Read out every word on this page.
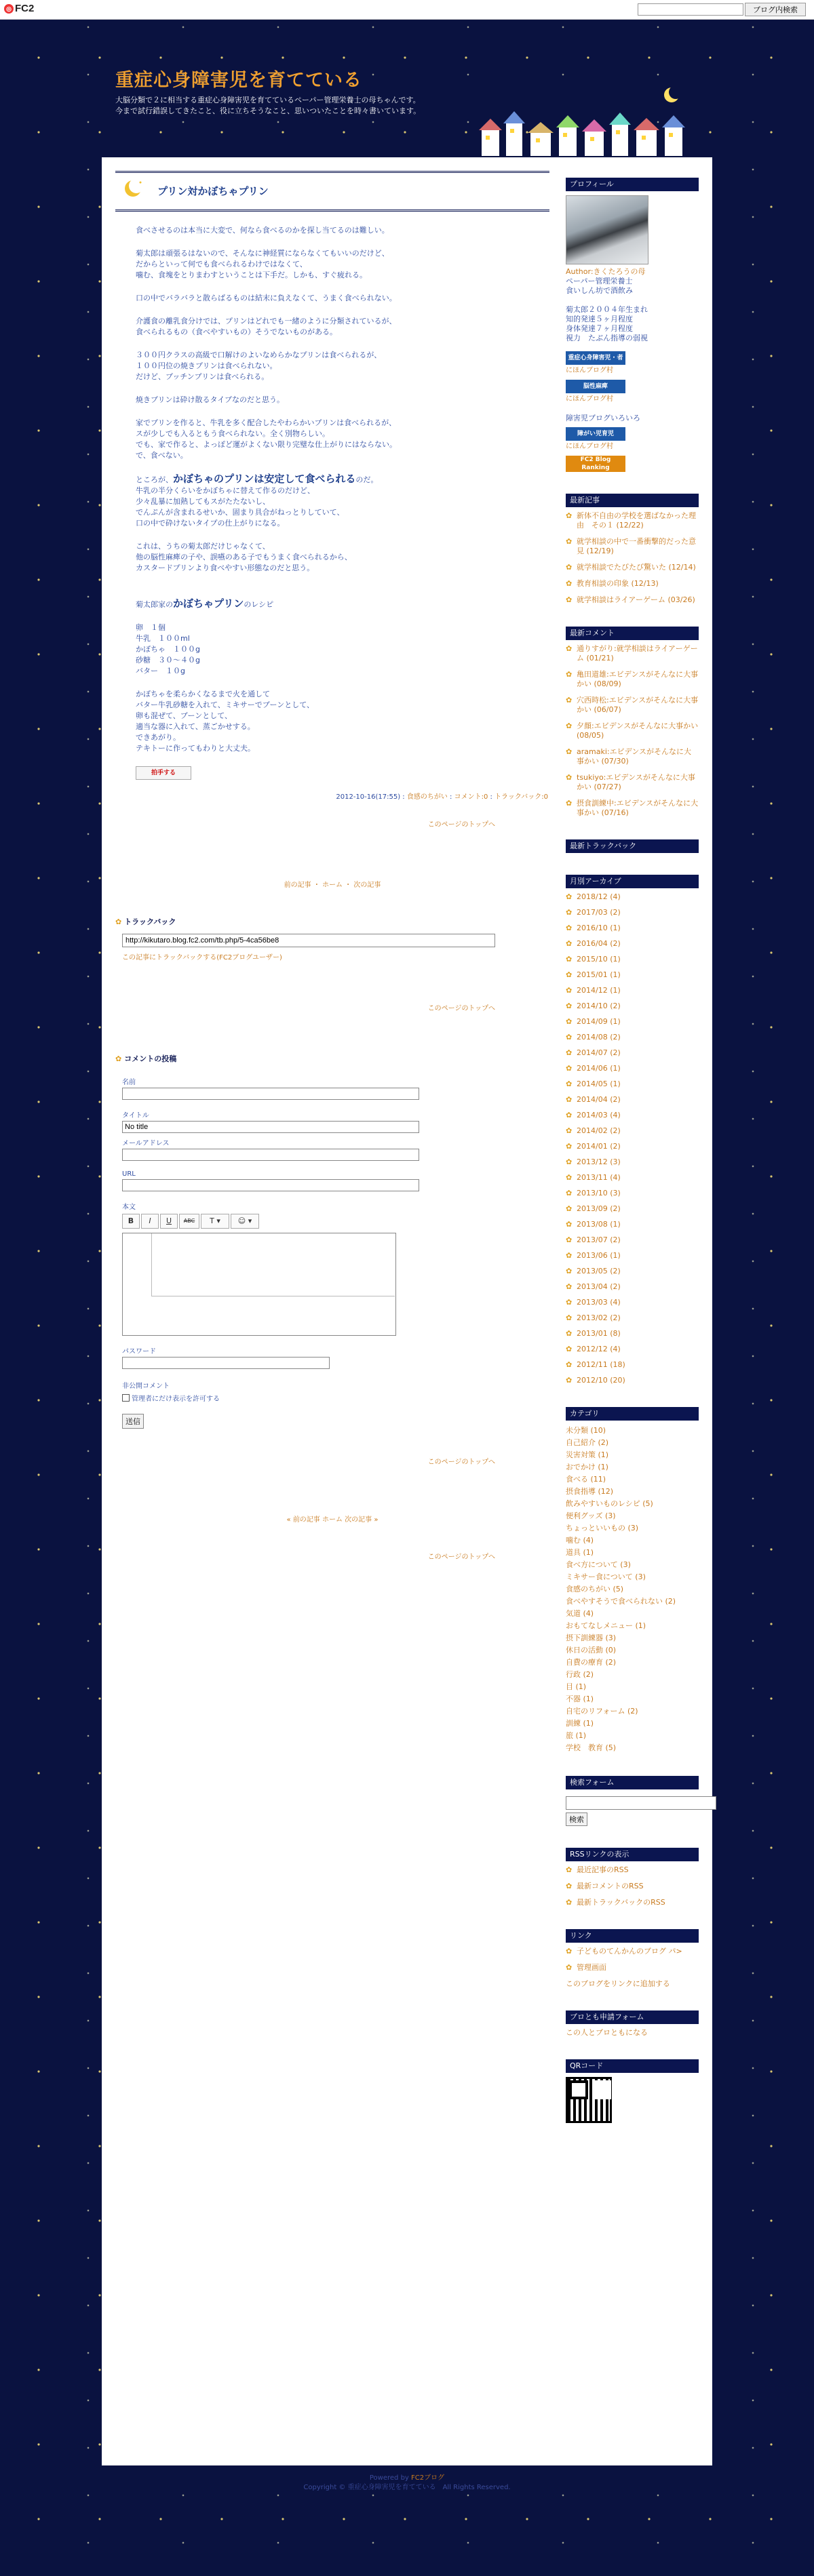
◎ FC2	ブログ内検索
重症心身障害児を育てている
大脳分類で２に相当する重症心身障害児を育てているペーパー管理栄養士の母ちゃんです。
今まで試行錯誤してきたこと、役に立ちそうなこと、思いついたことを時々書いています。
プリン対かぼちゃプリン

食べさせるのは本当に大変で、何なら食べるのかを探し当てるのは難しい。

菊太郎は頑張るはないので、そんなに神経質にならなくてもいいのだけど、
だからといって何でも食べられるわけではなくて、
噛む、食塊をとりまわすということは下手だ。しかも、すぐ疲れる。

口の中でバラバラと散らばるものは結末に負えなくて、うまく食べられない。

介護食の離乳食分けでは、プリンはどれでも一緒のように分類されているが、
食べられるもの（食べやすいもの）そうでないものがある。

３００円クラスの高級で口解けのよいなめらかなプリンは食べられるが、
１００円位の焼きプリンは食べられない。
だけど、プッチンプリンは食べられる。

焼きプリンは砕け散るタイプなのだと思う。

家でプリンを作ると、牛乳を多く配合したやわらかいプリンは食べられるが、
スが少しでも入るともう食べられない。全く別物らしい。
でも、家で作ると、よっぽど運がよくない限り完璧な仕上がりにはならない。
で、食べない。

ところが、かぼちゃのプリンは安定して食べられるのだ。
牛乳の半分くらいをかぼちゃに替えて作るのだけど、
少々乱暴に加熱してもスがたたないし、
でんぷんが含まれるせいか、固まり具合がねっとりしていて、
口の中で砕けないタイプの仕上がりになる。

これは、うちの菊太郎だけじゃなくて、
他の脳性麻痺の子や、誤嚥のある子でもうまく食べられるから、
カスタードプリンより食べやすい形態なのだと思う。

菊太郎家のかぼちゃプリンのレシピ

卵　１個
牛乳　１００ml
かぼちゃ　１００g
砂糖　３０～４０g
バター　１０g

かぼちゃを柔らかくなるまで火を通して
バター牛乳砂糖を入れて、ミキサーでブーンとして、
卵も混ぜて、ブーンとして、
適当な器に入れて、蒸ごかせする。
できあがり。
テキトーに作ってもわりと大丈夫。

拍手する
2012-10-16(17:55) : 食感のちがい : コメント:0 : トラックバック:0
このページのトップへ
前の記事 ・ ホーム ・ 次の記事
✿ トラックバック
http://kikutaro.blog.fc2.com/tb.php/5-4ca56be8
この記事にトラックバックする(FC2ブログユーザー)
このページのトップへ
✿ コメントの投稿
名前
タイトル
No title
メールアドレス
URL
本文
B I U ABC T ▾ ☺ ▾
パスワード
非公開コメント
管理者にだけ表示を許可する
送信
このページのトップへ
« 前の記事 ホーム 次の記事 »
このページのトップへ
プロフィール
Author:きくたろうの母
ペーパー管理栄養士
食いしん坊で酒飲み
菊太郎２００４年生まれ
知的発達５ヶ月程度
身体発達７ヶ月程度
視力　たぶん指導の弱視
重症心身障害児・者
にほんブログ村
脳性麻痺
にほんブログ村
障害児ブログいろいろ
障がい児育児
にほんブログ村
FC2 Blog Ranking
最新記事
✿ 新体不自由の学校を選ばなかった理由　その１ (12/22)
✿ 就学相談の中で一番衝撃的だった意見 (12/19)
✿ 就学相談でたびたび驚いた (12/14)
✿ 教育相談の印象 (12/13)
✿ 就学相談はライアーゲーム (03/26)
最新コメント
✿ 通りすがり:就学相談はライアーゲーム (01/21)
✿ 亀田道雄:エビデンスがそんなに大事かい (08/09)
✿ 穴西時松:エビデンスがそんなに大事かい (06/07)
✿ 夕顔:エビデンスがそんなに大事かい (08/05)
✿ aramaki:エビデンスがそんなに大事かい (07/30)
✿ tsukiyo:エビデンスがそんなに大事かい (07/27)
✿ 摂食訓練中:エビデンスがそんなに大事かい (07/16)
最新トラックバック
月別アーカイブ
✿ 2018/12 (4)
✿ 2017/03 (2)
✿ 2016/10 (1)
✿ 2016/04 (2)
✿ 2015/10 (1)
✿ 2015/01 (1)
✿ 2014/12 (1)
✿ 2014/10 (2)
✿ 2014/09 (1)
✿ 2014/08 (2)
✿ 2014/07 (2)
✿ 2014/06 (1)
✿ 2014/05 (1)
✿ 2014/04 (2)
✿ 2014/03 (4)
✿ 2014/02 (2)
✿ 2014/01 (2)
✿ 2013/12 (3)
✿ 2013/11 (4)
✿ 2013/10 (3)
✿ 2013/09 (2)
✿ 2013/08 (1)
✿ 2013/07 (2)
✿ 2013/06 (1)
✿ 2013/05 (2)
✿ 2013/04 (2)
✿ 2013/03 (4)
✿ 2013/02 (2)
✿ 2013/01 (8)
✿ 2012/12 (4)
✿ 2012/11 (18)
✿ 2012/10 (20)
カテゴリ
未分類 (10)
自己紹介 (2)
災害対策 (1)
おでかけ (1)
食べる (11)
摂食指導 (12)
飲みやすいものレシピ (5)
便利グッズ (3)
ちょっといいもの (3)
噛む (4)
道具 (1)
食べ方について (3)
ミキサー食について (3)
食感のちがい (5)
食べやすそうで食べられない (2)
気道 (4)
おもてなしメニュー (1)
摂下訓練器 (3)
休日の活動 (0)
自費の療育 (2)
行政 (2)
目 (1)
不器 (1)
自宅のリフォーム (2)
訓練 (1)
旅 (1)
学校　教育 (5)

検索フォーム
検索
RSSリンクの表示
✿ 最近記事のRSS
✿ 最新コメントのRSS
✿ 最新トラックバックのRSS
リンク
✿ 子どものてんかんのブログ パ>
✿ 管理画面
このブログをリンクに追加する
ブロとも申請フォーム
この人とブロともになる
QRコード
Powered by FC2ブログ
Copyright © 重症心身障害児を育てている　All Rights Reserved.
